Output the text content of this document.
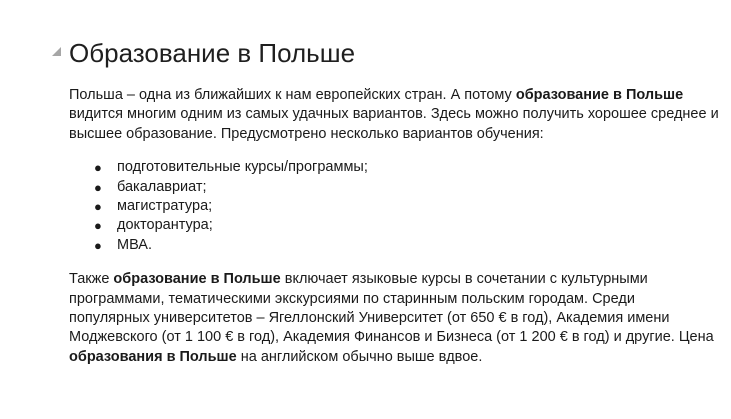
Образование в Польше

Польша – одна из ближайших к нам европейских стран. А потому образование в Польше видится многим одним из самых удачных вариантов. Здесь можно получить хорошее среднее и высшее образование. Предусмотрено несколько вариантов обучения:

● подготовительные курсы/программы;
● бакалавриат;
● магистратура;
● докторантура;
● МВА.

Также образование в Польше включает языковые курсы в сочетании с культурными программами, тематическими экскурсиями по старинным польским городам. Среди популярных университетов – Ягеллонский Университет (от 650 € в год), Академия имени Моджевского (от 1 100 € в год), Академия Финансов и Бизнеса (от 1 200 € в год) и другие. Цена образования в Польше на английском обычно выше вдвое.
